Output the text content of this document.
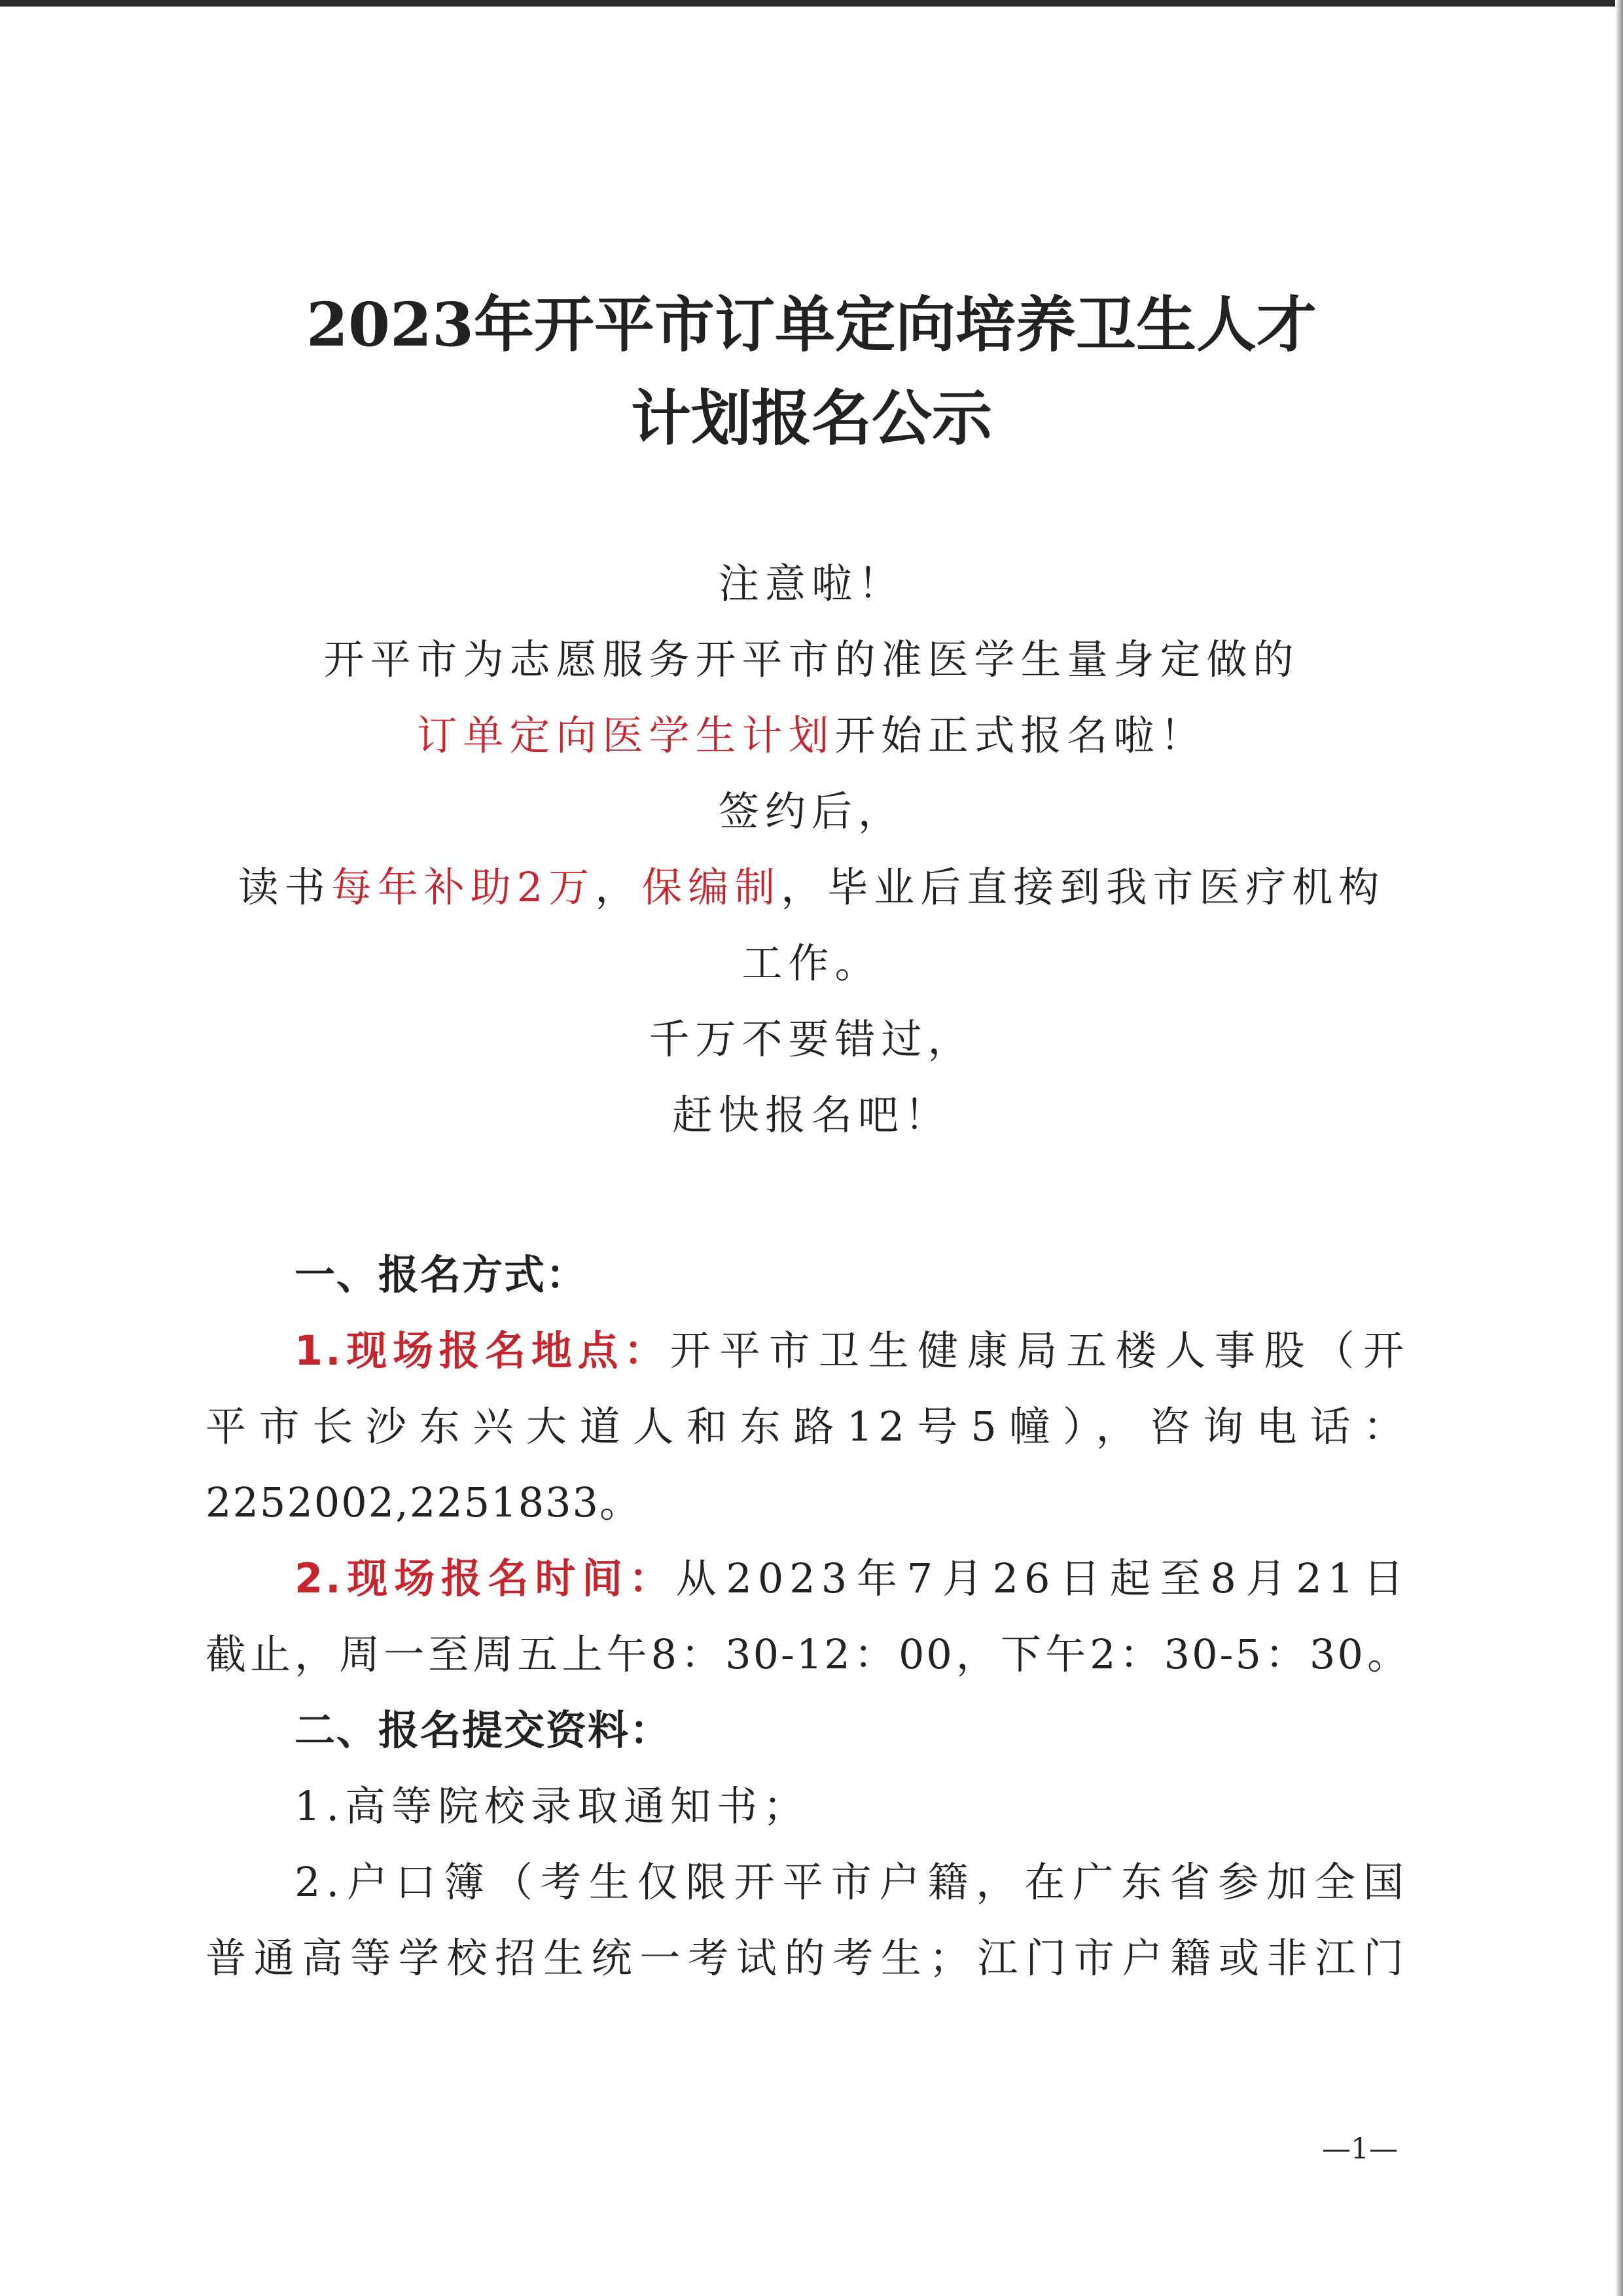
2023年开平市订单定向培养卫生人才
计划报名公示

注意啦！

开平市为志愿服务开平市的准医学生量身定做的

订单定向医学生计划开始正式报名啦！

签约后，

读书每年补助2万，保编制，毕业后直接到我市医疗机构

工作。

千万不要错过，

赶快报名吧！

一、报名方式：

1.现场报名地点：开平市卫生健康局五楼人事股（开

平市长沙东兴大道人和东路12号5幢），咨询电话：

2252002,2251833。

2.现场报名时间：从2023年7月26日起至8月21日

截止，周一至周五上午8：30-12：00，下午2：30-5：30。

二、报名提交资料：

1.高等院校录取通知书；

2.户口簿（考生仅限开平市户籍，在广东省参加全国

普通高等学校招生统一考试的考生；江门市户籍或非江门

—1—
